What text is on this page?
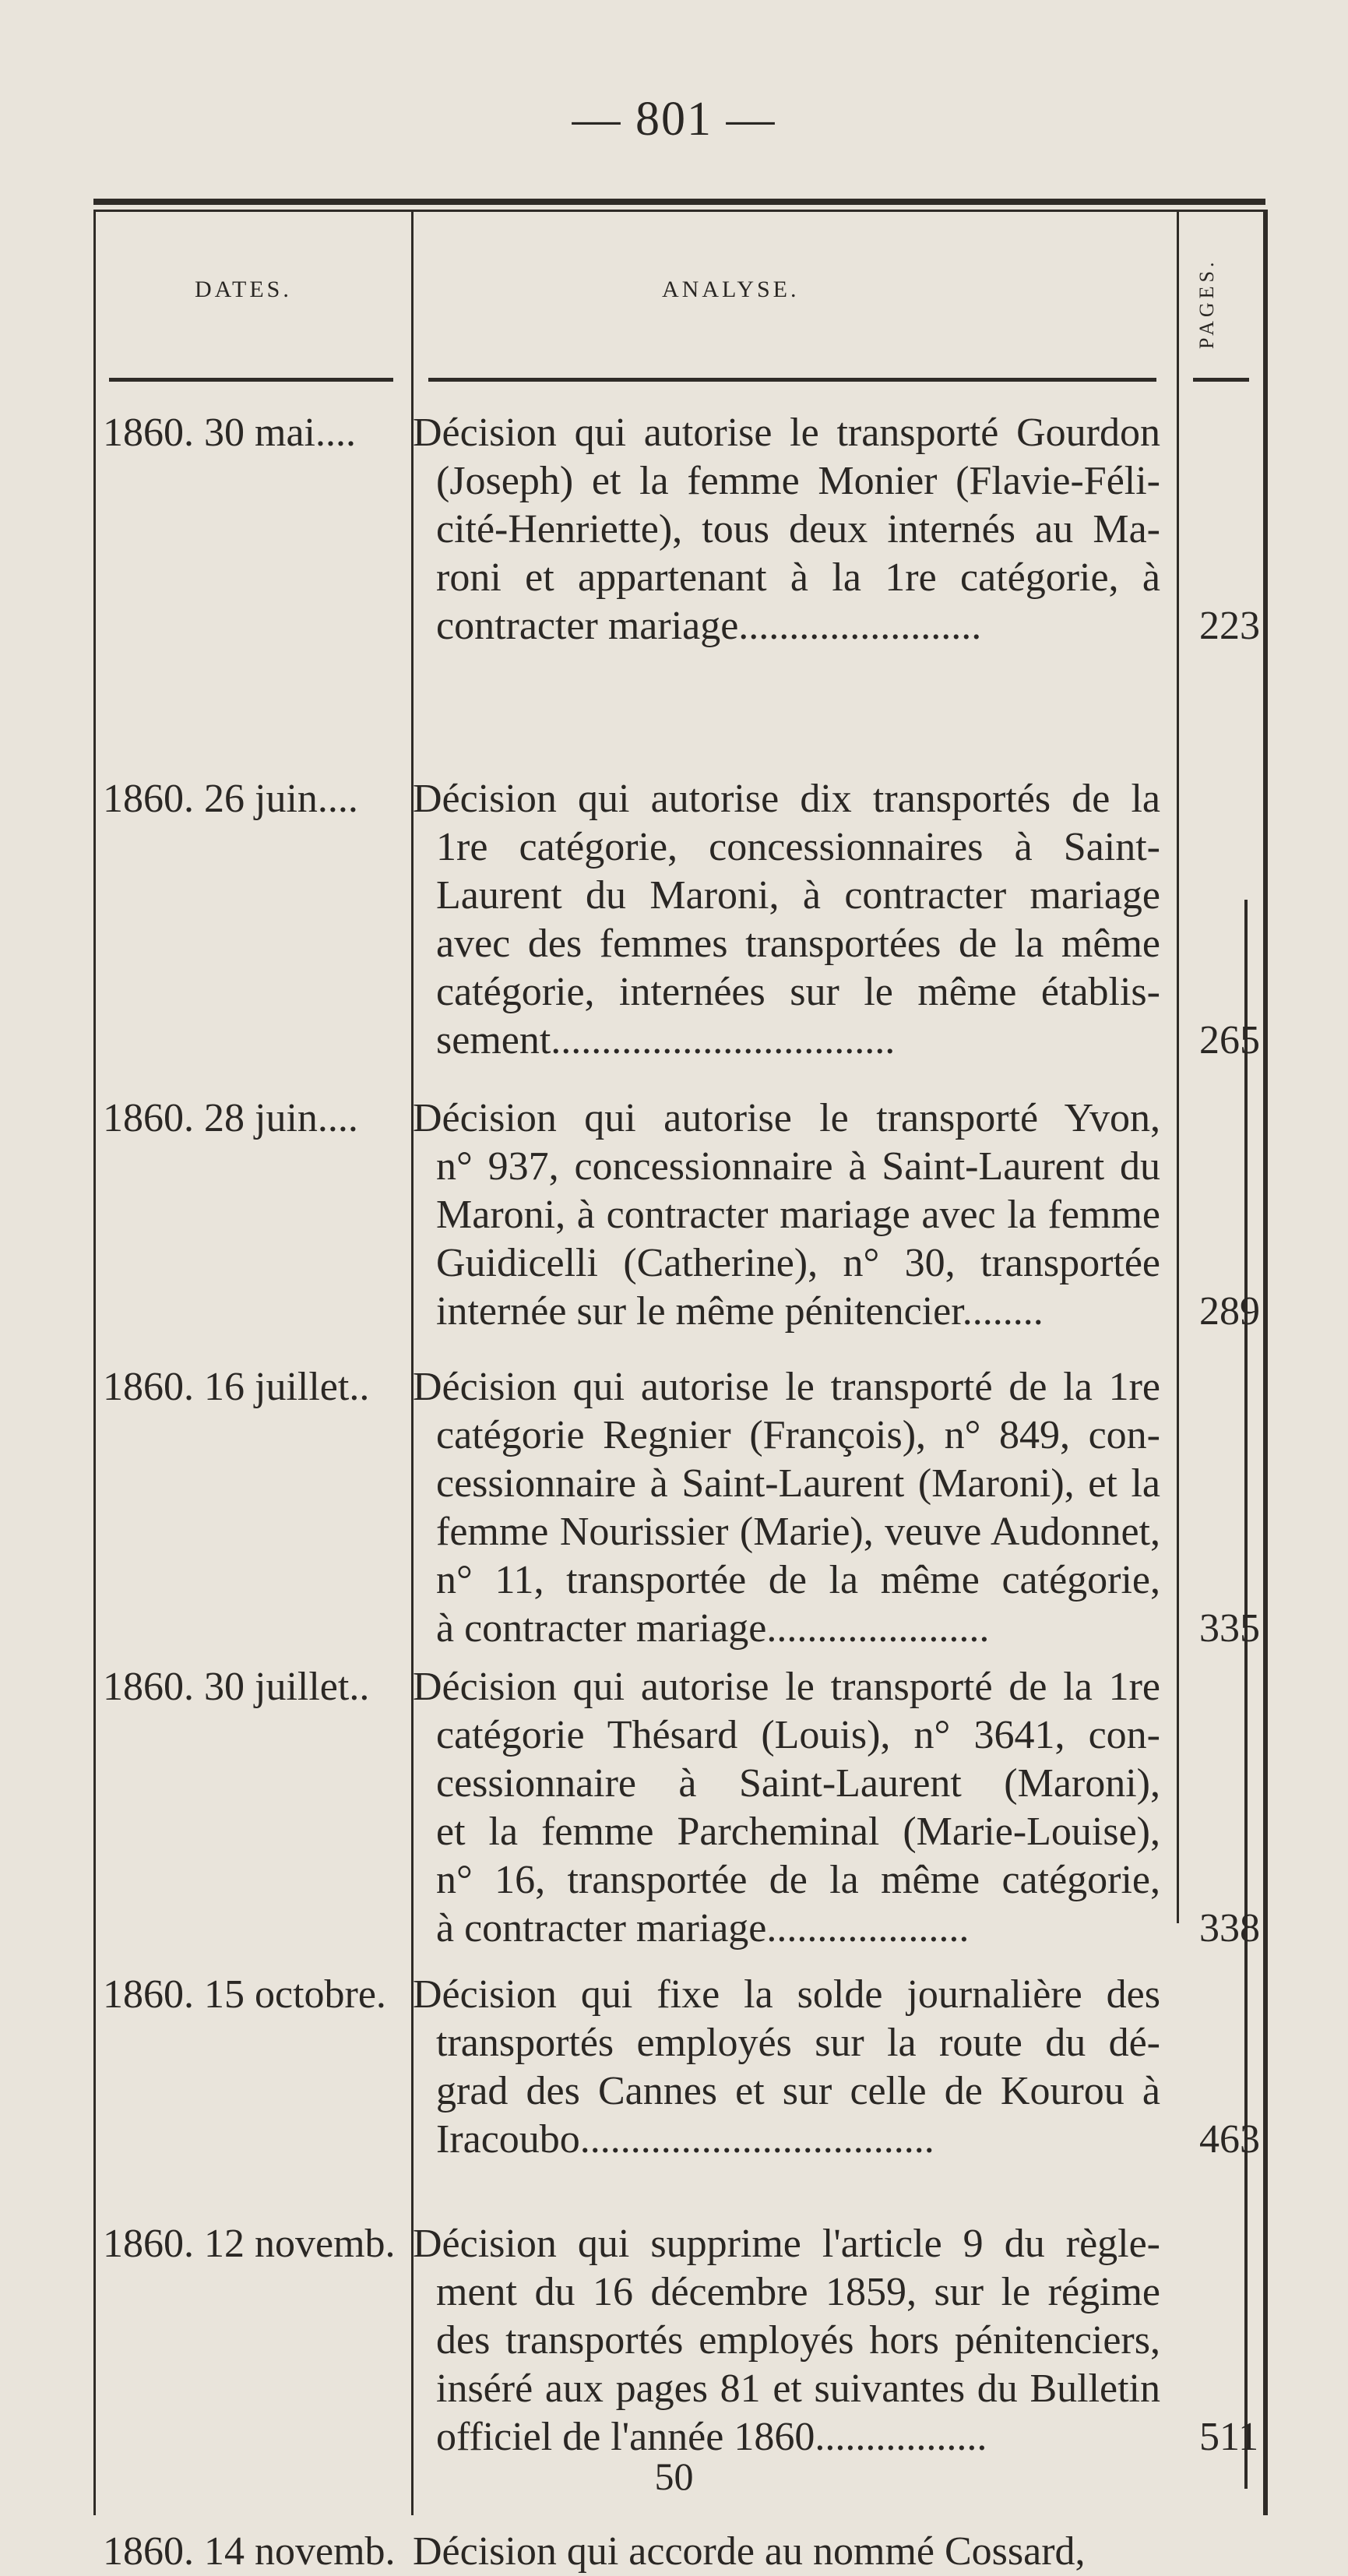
— 801 —
DATES.	ANALYSE.	PAGES.
1860. 30 mai.... Décision qui autorise le transporté Gourdon
(Joseph) et la femme Monier (Flavie-Féli-
cité-Henriette), tous deux internés au Ma-
roni et appartenant à la 1re catégorie, à
contracter mariage........................	223
1860. 26 juin.... Décision qui autorise dix transportés de la
1re catégorie, concessionnaires à Saint-
Laurent du Maroni, à contracter mariage
avec des femmes transportées de la même
catégorie, internées sur le même établis-
sement..................................	265
1860. 28 juin.... Décision qui autorise le transporté Yvon,
n° 937, concessionnaire à Saint-Laurent du
Maroni, à contracter mariage avec la femme
Guidicelli (Catherine), n° 30, transportée
internée sur le même pénitencier........	289
1860. 16 juillet.. Décision qui autorise le transporté de la 1re
catégorie Regnier (François), n° 849, con-
cessionnaire à Saint-Laurent (Maroni), et la
femme Nourissier (Marie), veuve Audonnet,
n° 11, transportée de la même catégorie,
à contracter mariage......................	335
1860. 30 juillet.. Décision qui autorise le transporté de la 1re
catégorie Thésard (Louis), n° 3641, con-
cessionnaire à Saint-Laurent (Maroni),
et la femme Parcheminal (Marie-Louise),
n° 16, transportée de la même catégorie,
à contracter mariage....................	338
1860. 15 octobre. Décision qui fixe la solde journalière des
transportés employés sur la route du dé-
grad des Cannes et sur celle de Kourou à
Iracoubo...................................	463
1860. 12 novemb. Décision qui supprime l'article 9 du règle-
ment du 16 décembre 1859, sur le régime
des transportés employés hors pénitenciers,
inséré aux pages 81 et suivantes du Bulletin
officiel de l'année 1860.................	511
1860. 14 novemb. Décision qui accorde au nommé Cossard,
50
